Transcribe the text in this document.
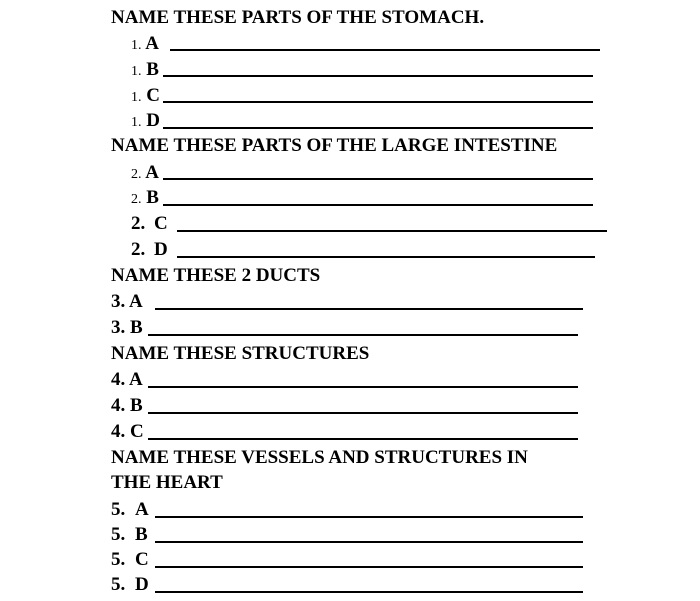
NAME THESE PARTS OF THE STOMACH.
1. A
1. B
1. C
1. D
NAME THESE PARTS OF THE LARGE INTESTINE
2. A
2. B
2. C
2. D
NAME THESE 2 DUCTS
3. A
3. B
NAME THESE STRUCTURES
4. A
4. B
4. C
NAME THESE VESSELS AND STRUCTURES IN
THE HEART
5. A
5. B
5. C
5. D
